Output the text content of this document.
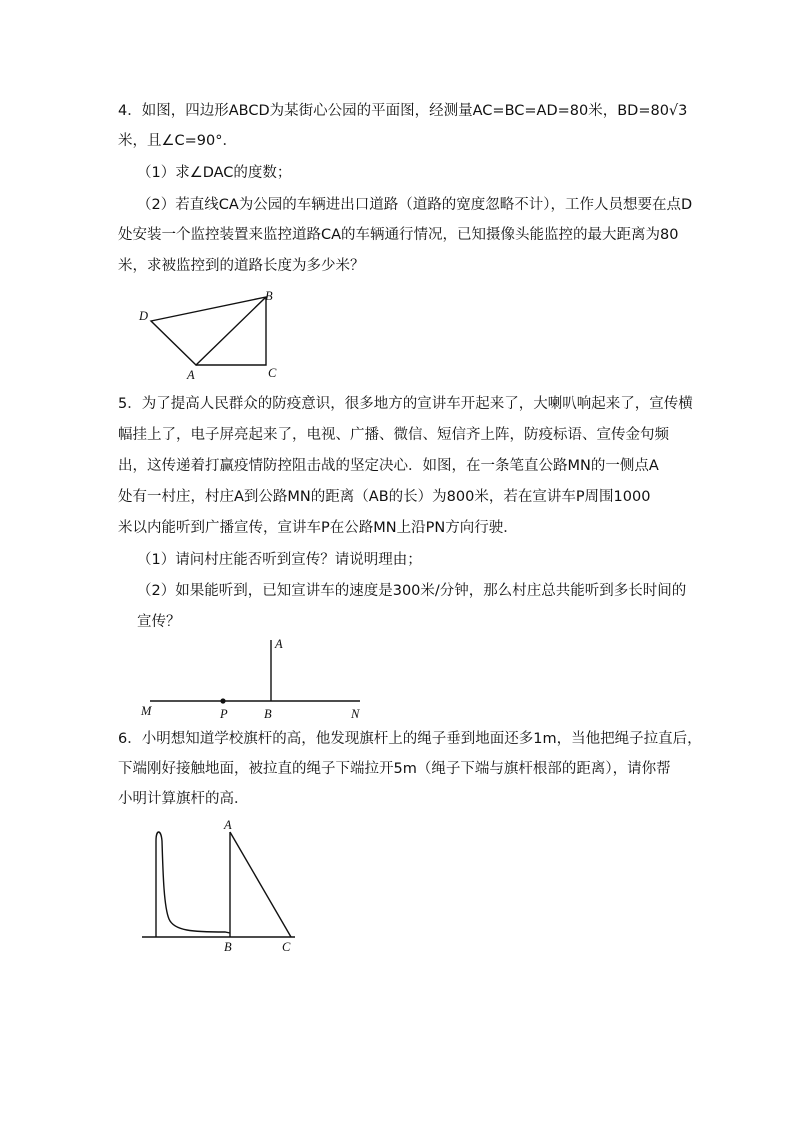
4．如图，四边形ABCD为某街心公园的平面图，经测量AC=BC=AD=80米，BD=80√3
米，且∠C=90°．
（1）求∠DAC的度数；
（2）若直线CA为公园的车辆进出口道路（道路的宽度忽略不计），工作人员想要在点D
处安装一个监控装置来监控道路CA的车辆通行情况，已知摄像头能监控的最大距离为80
米，求被监控到的道路长度为多少米？
D
B
A	C
5．为了提高人民群众的防疫意识，很多地方的宣讲车开起来了，大喇叭响起来了，宣传横
幅挂上了，电子屏亮起来了，电视、广播、微信、短信齐上阵，防疫标语、宣传金句频
出，这传递着打赢疫情防控阻击战的坚定决心．如图，在一条笔直公路MN的一侧点A
处有一村庄，村庄A到公路MN的距离（AB的长）为800米，若在宣讲车P周围1000
米以内能听到广播宣传，宣讲车P在公路MN上沿PN方向行驶．
（1）请问村庄能否听到宣传？请说明理由；
（2）如果能听到，已知宣讲车的速度是300米/分钟，那么村庄总共能听到多长时间的
宣传？
A
M	P	B	N
6．小明想知道学校旗杆的高，他发现旗杆上的绳子垂到地面还多1m，当他把绳子拉直后，
下端刚好接触地面，被拉直的绳子下端拉开5m（绳子下端与旗杆根部的距离），请你帮
小明计算旗杆的高．
A
B	C
